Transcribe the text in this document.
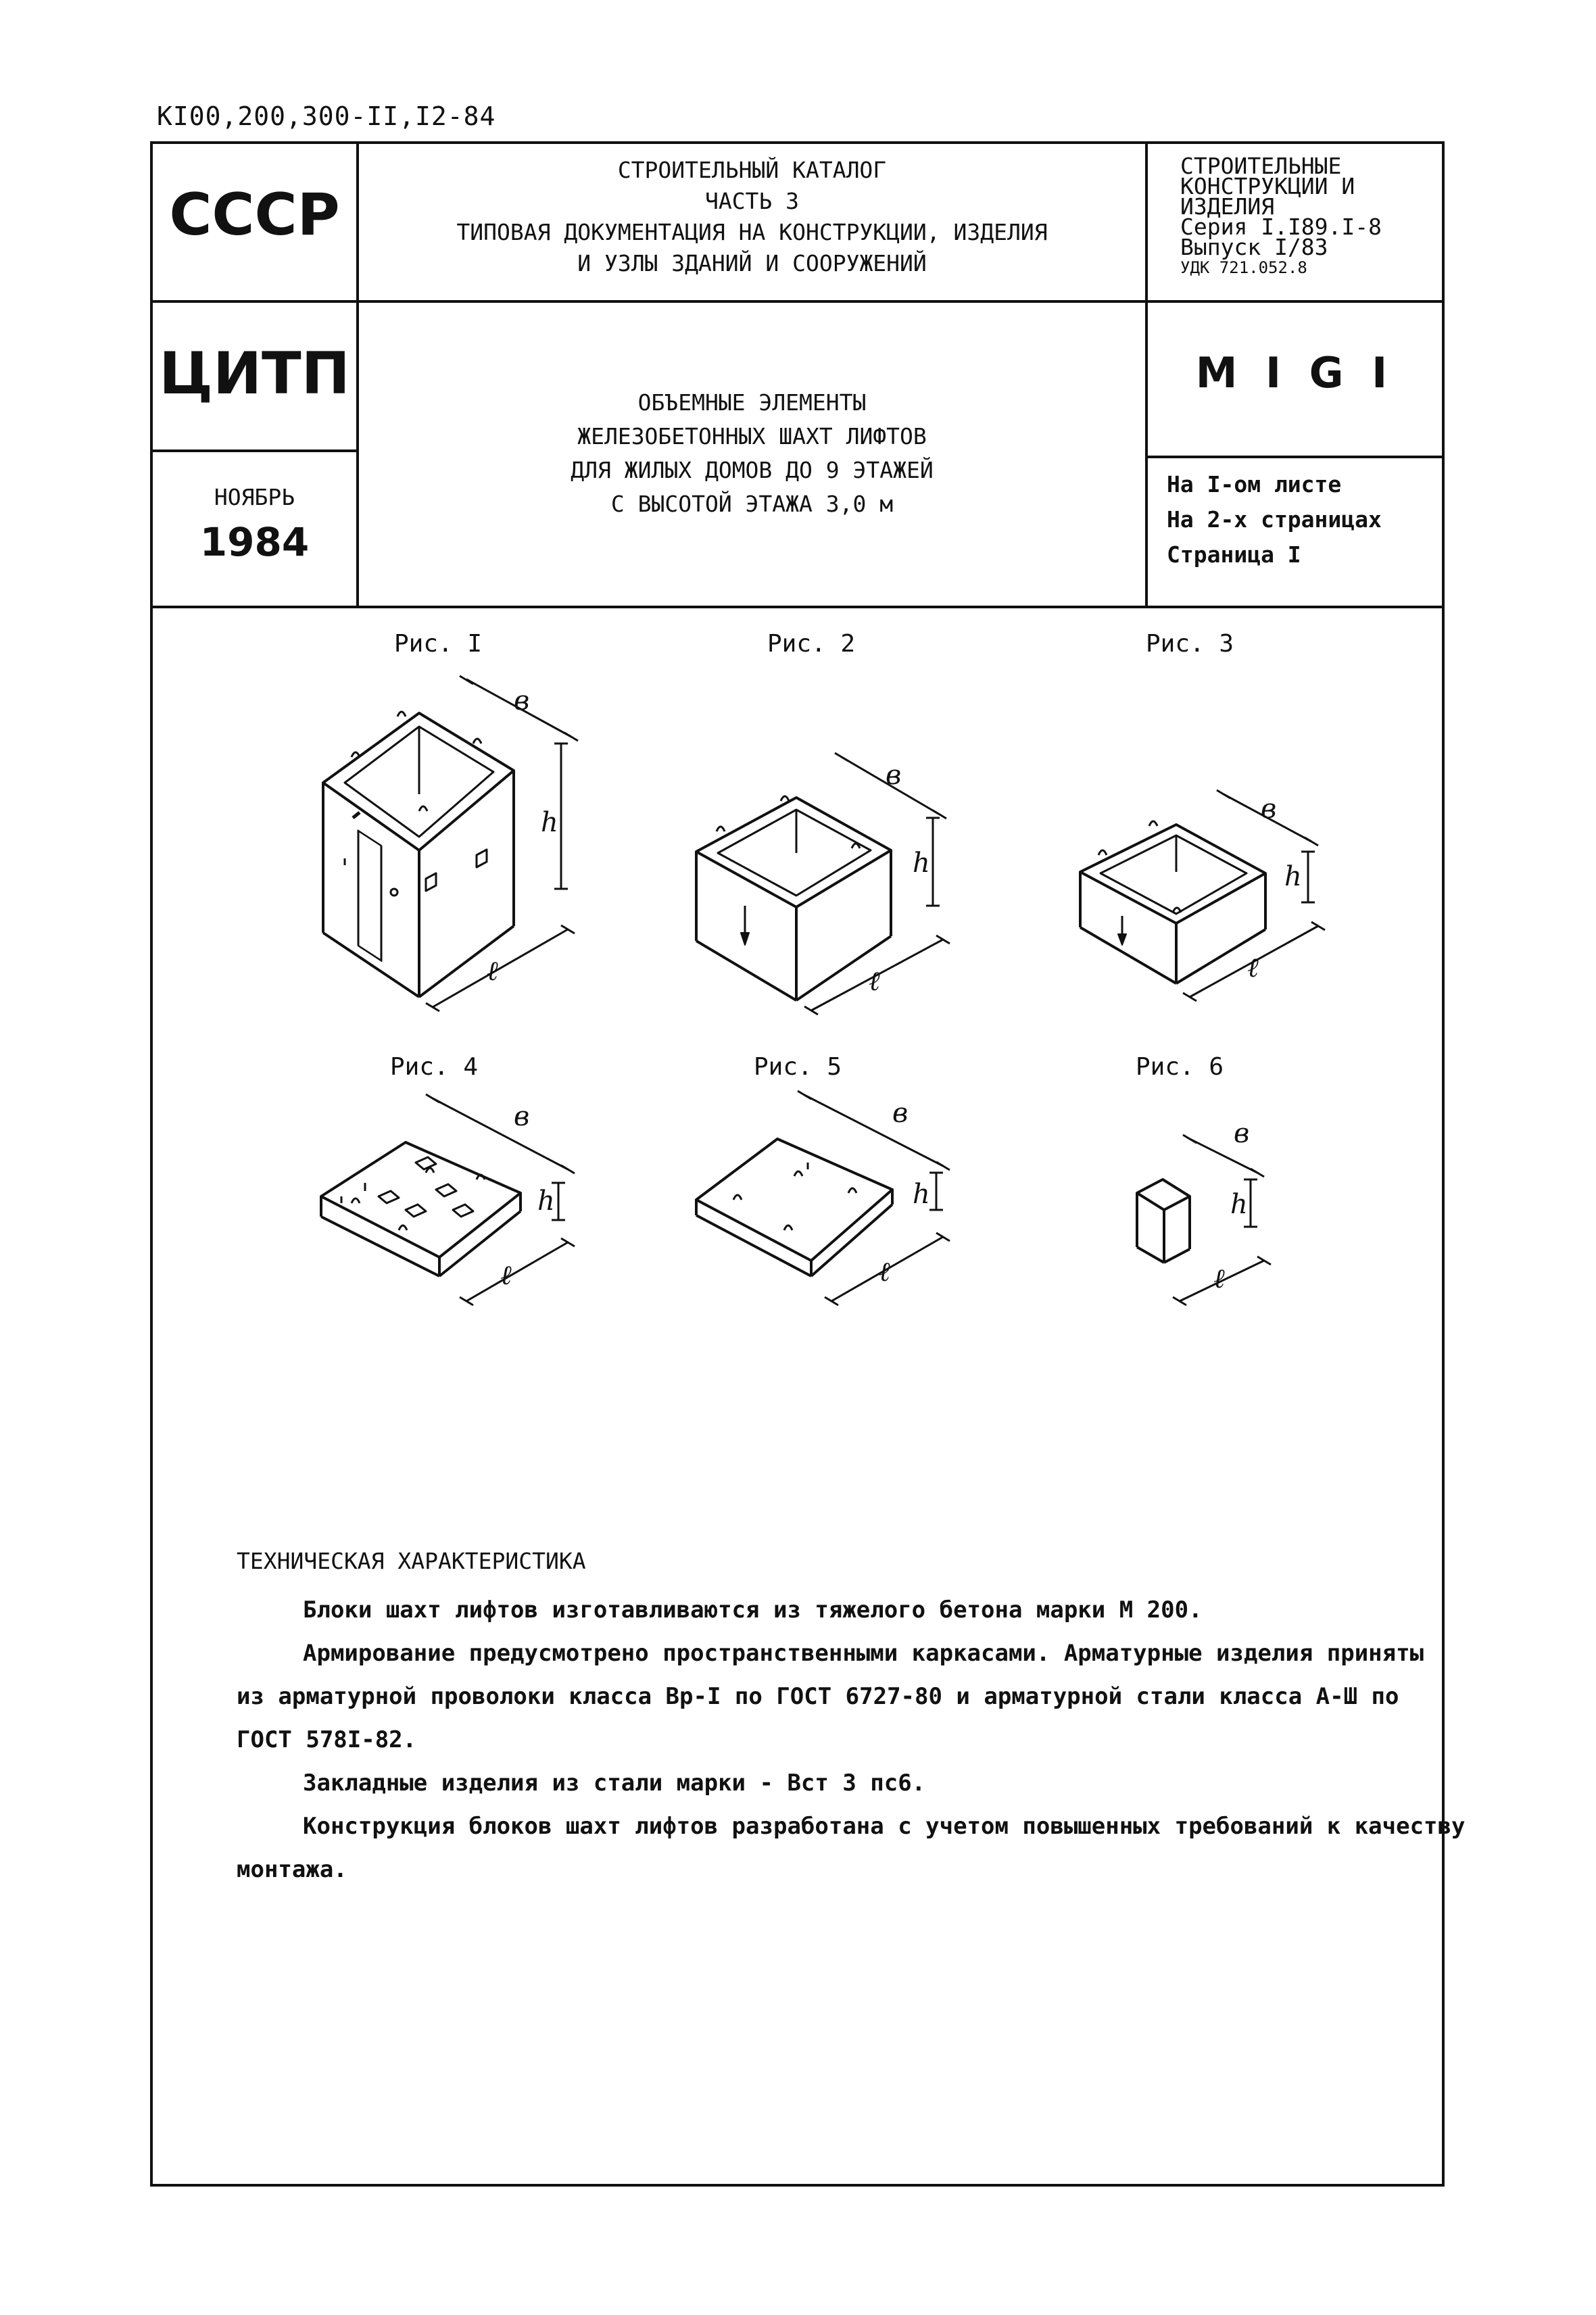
КI00,200,300-II,I2-84
СССР
СТРОИТЕЛЬНЫЙ КАТАЛОГ
ЧАСТЬ 3
ТИПОВАЯ ДОКУМЕНТАЦИЯ НА КОНСТРУКЦИИ, ИЗДЕЛИЯ
И УЗЛЫ ЗДАНИЙ И СООРУЖЕНИЙ
СТРОИТЕЛЬНЫЕ
КОНСТРУКЦИИ И
ИЗДЕЛИЯ
Серия I.I89.I-8
Выпуск I/83
УДК 721.052.8
ЦИТП
НОЯБРЬ
1984
ОБЪЕМНЫЕ ЭЛЕМЕНТЫ
ЖЕЛЕЗОБЕТОННЫХ ШАХТ ЛИФТОВ
ДЛЯ ЖИЛЫХ ДОМОВ ДО 9 ЭТАЖЕЙ
С ВЫСОТОЙ ЭТАЖА 3,0 м
М I G I
На I-ом листе
На 2-х страницах
Страница I
Рис. I	Рис. 2	Рис. 3
Рис. 4	Рис. 5	Рис. 6
в
h
ℓ
в
h
ℓ
в
h
ℓ
в
h
ℓ
в
h
ℓ
в
h
ℓ
ТЕХНИЧЕСКАЯ ХАРАКТЕРИСТИКА
Блоки шахт лифтов изготавливаются из тяжелого бетона марки М 200.
Армирование предусмотрено пространственными каркасами. Арматурные изделия приняты
из арматурной проволоки класса Вр-I по ГОСТ 6727-80 и арматурной стали класса А-Ш по
ГОСТ 578I-82.
Закладные изделия из стали марки - Вст 3 пс6.
Конструкция блоков шахт лифтов разработана с учетом повышенных требований к качеству
монтажа.
